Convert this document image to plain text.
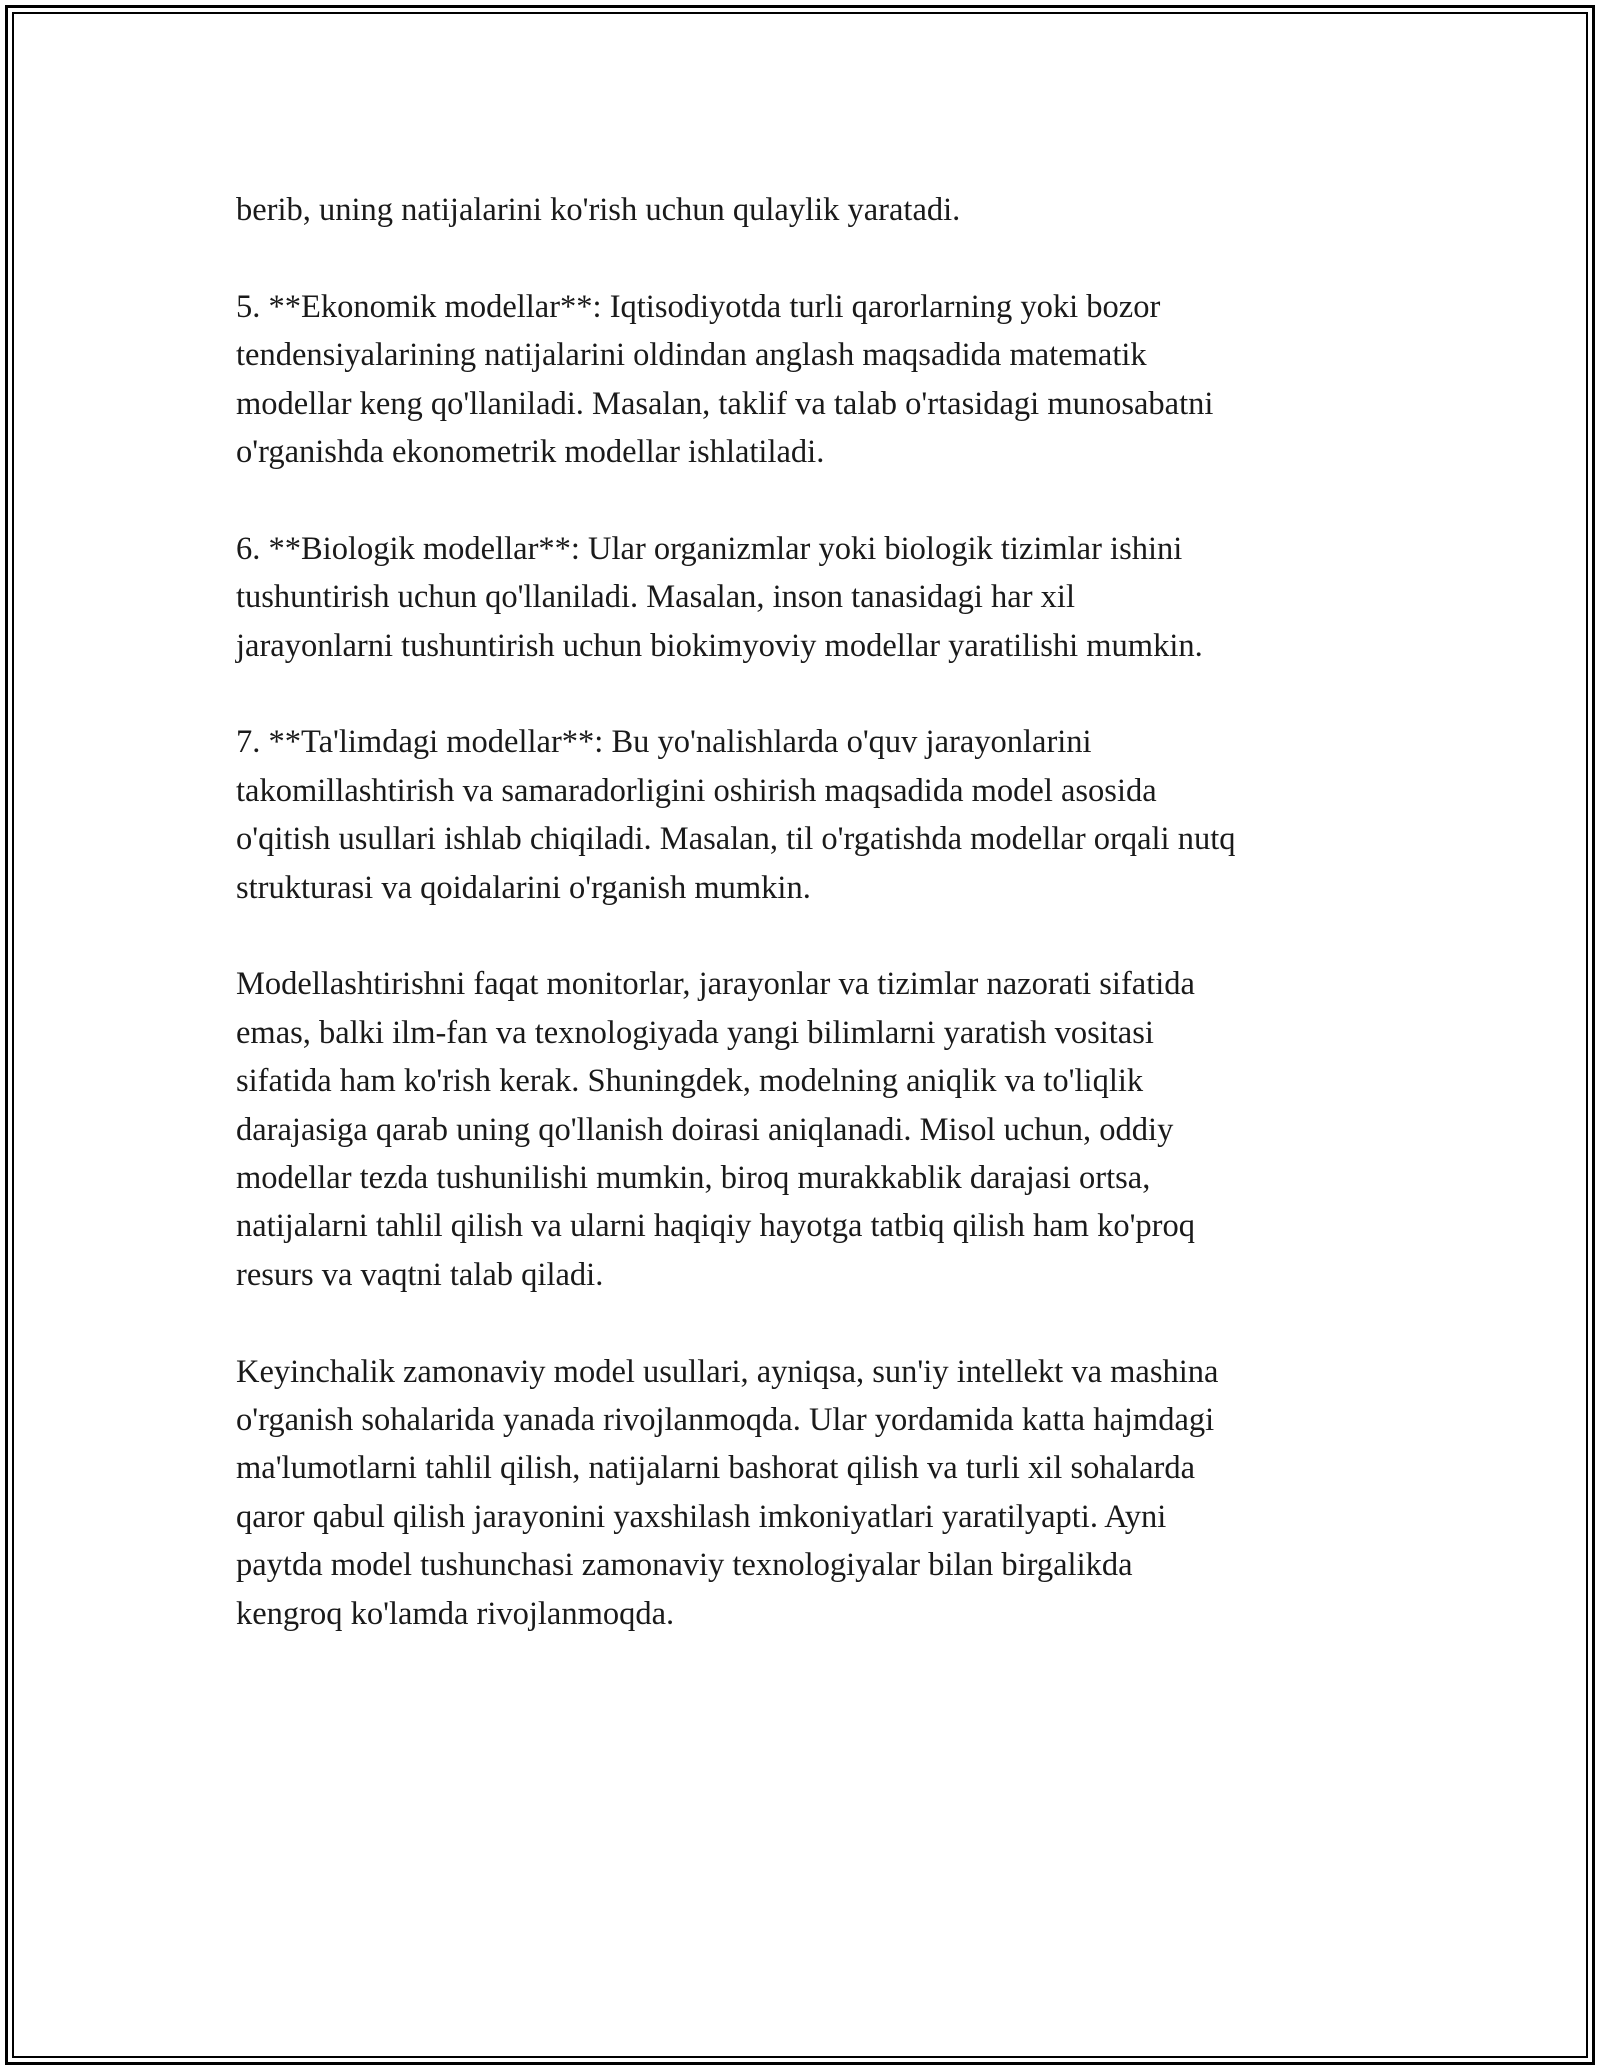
berib, uning natijalarini ko'rish uchun qulaylik yaratadi.
5. **Ekonomik modellar**: Iqtisodiyotda turli qarorlarning yoki bozor
tendensiyalarining natijalarini oldindan anglash maqsadida matematik
modellar keng qo'llaniladi. Masalan, taklif va talab o'rtasidagi munosabatni
o'rganishda ekonometrik modellar ishlatiladi.
6. **Biologik modellar**: Ular organizmlar yoki biologik tizimlar ishini
tushuntirish uchun qo'llaniladi. Masalan, inson tanasidagi har xil
jarayonlarni tushuntirish uchun biokimyoviy modellar yaratilishi mumkin.
7. **Ta'limdagi modellar**: Bu yo'nalishlarda o'quv jarayonlarini
takomillashtirish va samaradorligini oshirish maqsadida model asosida
o'qitish usullari ishlab chiqiladi. Masalan, til o'rgatishda modellar orqali nutq
strukturasi va qoidalarini o'rganish mumkin.
Modellashtirishni faqat monitorlar, jarayonlar va tizimlar nazorati sifatida
emas, balki ilm-fan va texnologiyada yangi bilimlarni yaratish vositasi
sifatida ham ko'rish kerak. Shuningdek, modelning aniqlik va to'liqlik
darajasiga qarab uning qo'llanish doirasi aniqlanadi. Misol uchun, oddiy
modellar tezda tushunilishi mumkin, biroq murakkablik darajasi ortsa,
natijalarni tahlil qilish va ularni haqiqiy hayotga tatbiq qilish ham ko'proq
resurs va vaqtni talab qiladi.
Keyinchalik zamonaviy model usullari, ayniqsa, sun'iy intellekt va mashina
o'rganish sohalarida yanada rivojlanmoqda. Ular yordamida katta hajmdagi
ma'lumotlarni tahlil qilish, natijalarni bashorat qilish va turli xil sohalarda
qaror qabul qilish jarayonini yaxshilash imkoniyatlari yaratilyapti. Ayni
paytda model tushunchasi zamonaviy texnologiyalar bilan birgalikda
kengroq ko'lamda rivojlanmoqda.
